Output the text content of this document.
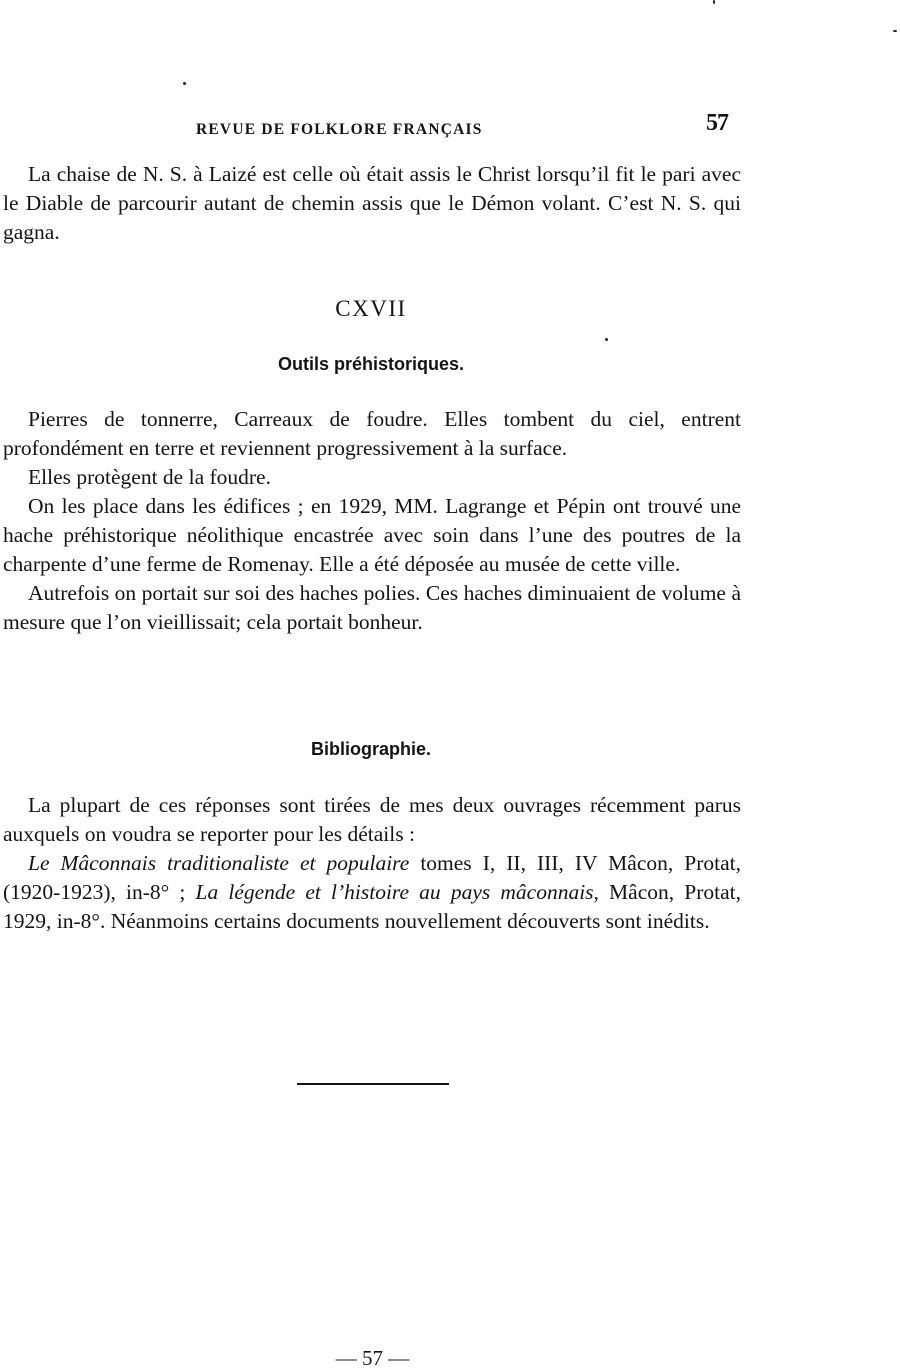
REVUE DE FOLKLORE FRANÇAIS	57

La chaise de N. S. à Laizé est celle où était assis le Christ lorsqu’il fit le pari avec le Diable de parcourir autant de chemin assis que le Démon volant. C’est N. S. qui gagna.

CXVII
Outils préhistoriques.

Pierres de tonnerre, Carreaux de foudre. Elles tombent du ciel, entrent profondément en terre et reviennent progressivement à la surface.

Elles protègent de la foudre.

On les place dans les édifices ; en 1929, MM. Lagrange et Pépin ont trouvé une hache préhistorique néolithique encastrée avec soin dans l’une des poutres de la charpente d’une ferme de Romenay. Elle a été déposée au musée de cette ville.

Autrefois on portait sur soi des haches polies. Ces haches diminuaient de volume à mesure que l’on vieillissait; cela portait bonheur.

Bibliographie.

La plupart de ces réponses sont tirées de mes deux ouvrages récemment parus auxquels on voudra se reporter pour les détails :

Le Mâconnais traditionaliste et populaire tomes I, II, III, IV Mâcon, Protat, (1920-1923), in-8° ; La légende et l’histoire au pays mâconnais, Mâcon, Protat, 1929, in-8°. Néanmoins certains documents nouvellement découverts sont inédits.

— 57 —
